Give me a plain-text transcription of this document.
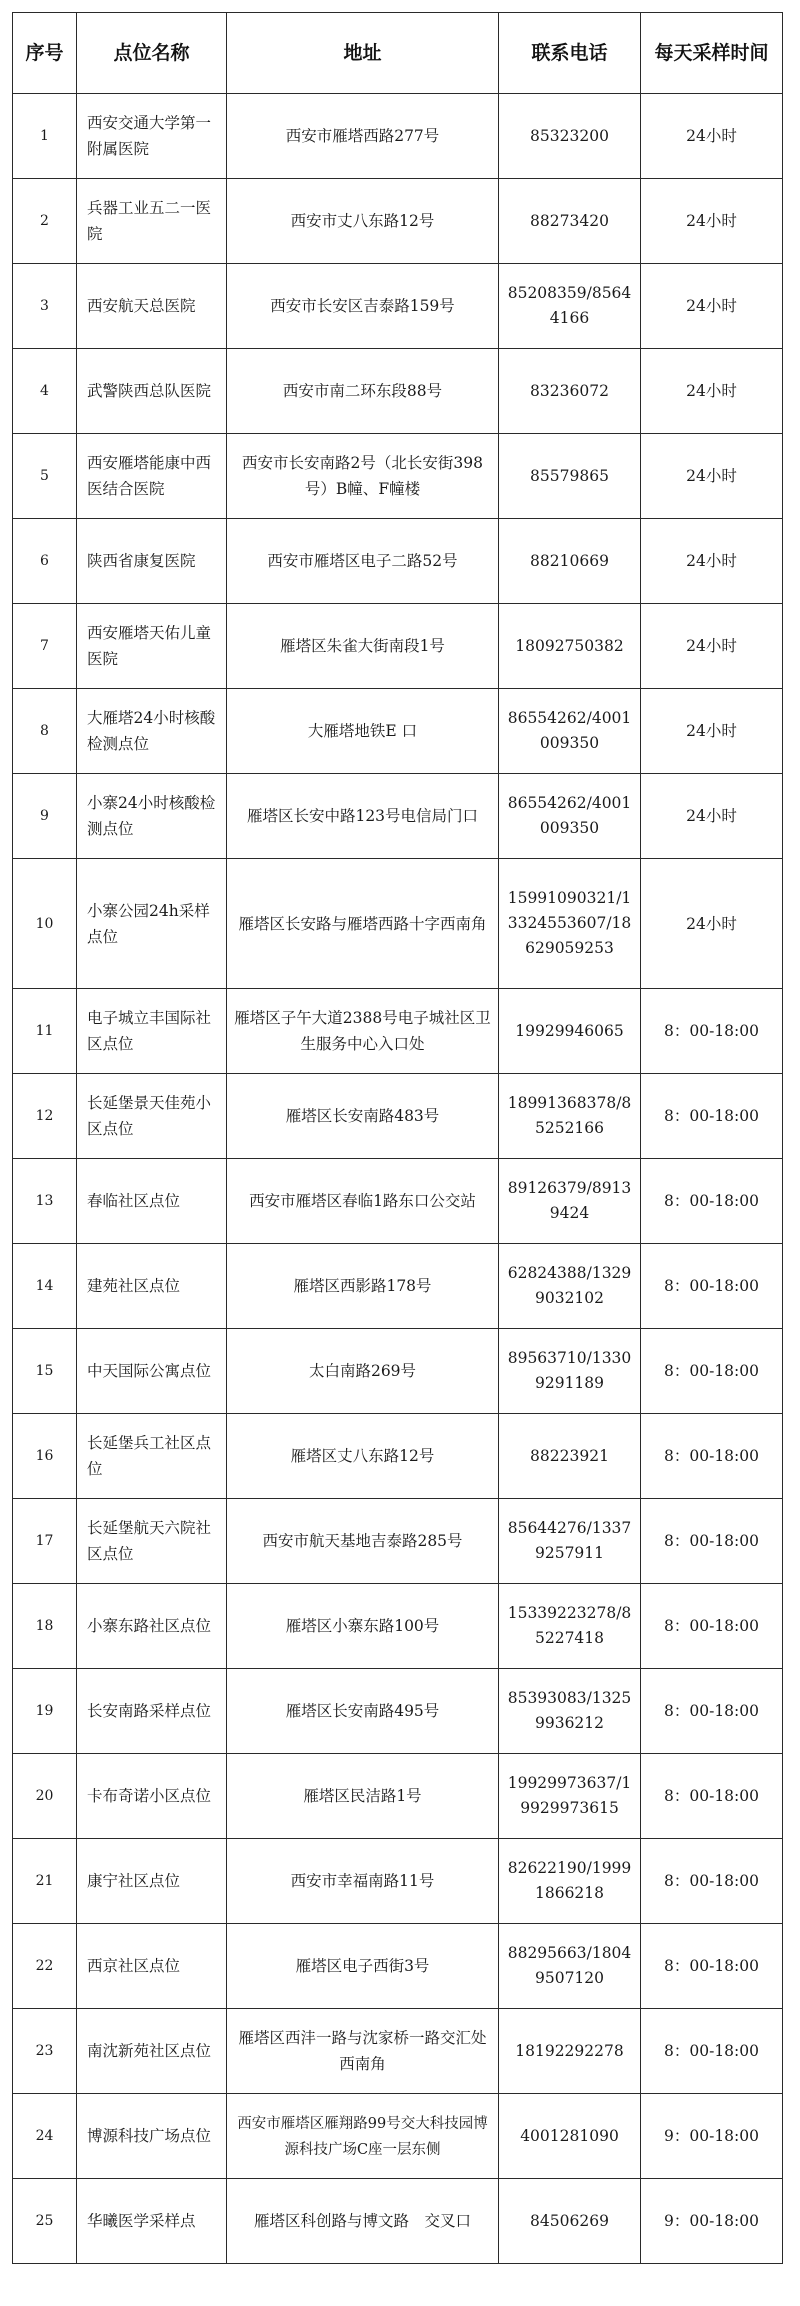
序号	点位名称	地址	联系电话	每天采样时间
1	西安交通大学第一附属医院	西安市雁塔西路277号	85323200	24小时
2	兵器工业五二一医院	西安市丈八东路12号	88273420	24小时
3	西安航天总医院	西安市长安区吉泰路159号	85208359/85644166	24小时
4	武警陕西总队医院	西安市南二环东段88号	83236072	24小时
5	西安雁塔能康中西医结合医院	西安市长安南路2号（北长安街398号）B幢、F幢楼	85579865	24小时
6	陕西省康复医院	西安市雁塔区电子二路52号	88210669	24小时
7	西安雁塔天佑儿童医院	雁塔区朱雀大街南段1号	18092750382	24小时
8	大雁塔24小时核酸检测点位	大雁塔地铁E 口	86554262/4001009350	24小时
9	小寨24小时核酸检测点位	雁塔区长安中路123号电信局门口	86554262/4001009350	24小时
10	小寨公园24h采样点位	雁塔区长安路与雁塔西路十字西南角	15991090321/13324553607/18629059253	24小时
11	电子城立丰国际社区点位	雁塔区子午大道2388号电子城社区卫生服务中心入口处	19929946065	8：00-18:00
12	长延堡景天佳苑小区点位	雁塔区长安南路483号	18991368378/85252166	8：00-18:00
13	春临社区点位	西安市雁塔区春临1路东口公交站	89126379/89139424	8：00-18:00
14	建苑社区点位	雁塔区西影路178号	62824388/13299032102	8：00-18:00
15	中天国际公寓点位	太白南路269号	89563710/13309291189	8：00-18:00
16	长延堡兵工社区点位	雁塔区丈八东路12号	88223921	8：00-18:00
17	长延堡航天六院社区点位	西安市航天基地吉泰路285号	85644276/13379257911	8：00-18:00
18	小寨东路社区点位	雁塔区小寨东路100号	15339223278/85227418	8：00-18:00
19	长安南路采样点位	雁塔区长安南路495号	85393083/13259936212	8：00-18:00
20	卡布奇诺小区点位	雁塔区民洁路1号	19929973637/19929973615	8：00-18:00
21	康宁社区点位	西安市幸福南路11号	82622190/19991866218	8：00-18:00
22	西京社区点位	雁塔区电子西街3号	88295663/18049507120	8：00-18:00
23	南沈新苑社区点位	雁塔区西沣一路与沈家桥一路交汇处西南角	18192292278	8：00-18:00
24	博源科技广场点位	西安市雁塔区雁翔路99号交大科技园博源科技广场C座一层东侧	4001281090	9：00-18:00
25	华曦医学采样点	雁塔区科创路与博文路　交叉口	84506269	9：00-18:00
